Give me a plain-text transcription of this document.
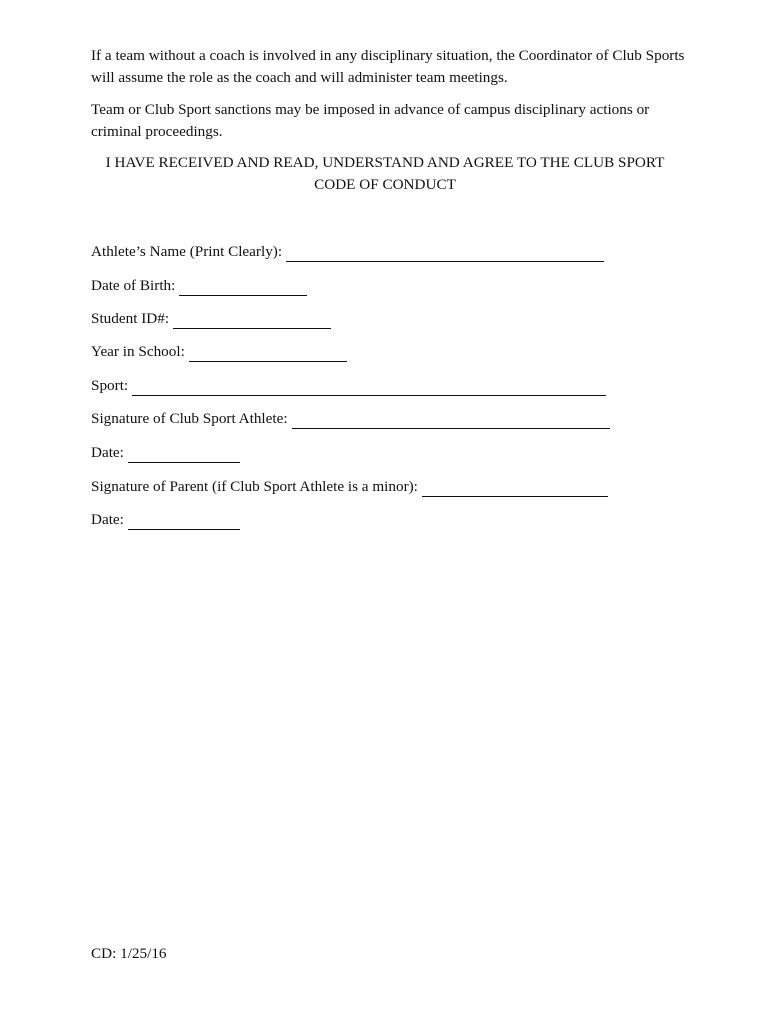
If a team without a coach is involved in any disciplinary situation, the Coordinator of Club Sports will assume the role as the coach and will administer team meetings.
Team or Club Sport sanctions may be imposed in advance of campus disciplinary actions or criminal proceedings.
I HAVE RECEIVED AND READ, UNDERSTAND AND AGREE TO THE CLUB SPORT
CODE OF CONDUCT
Athlete’s Name (Print Clearly):
Date of Birth:
Student ID#:
Year in School:
Sport:
Signature of Club Sport Athlete:
Date:
Signature of Parent (if Club Sport Athlete is a minor):
Date:
CD: 1/25/16
